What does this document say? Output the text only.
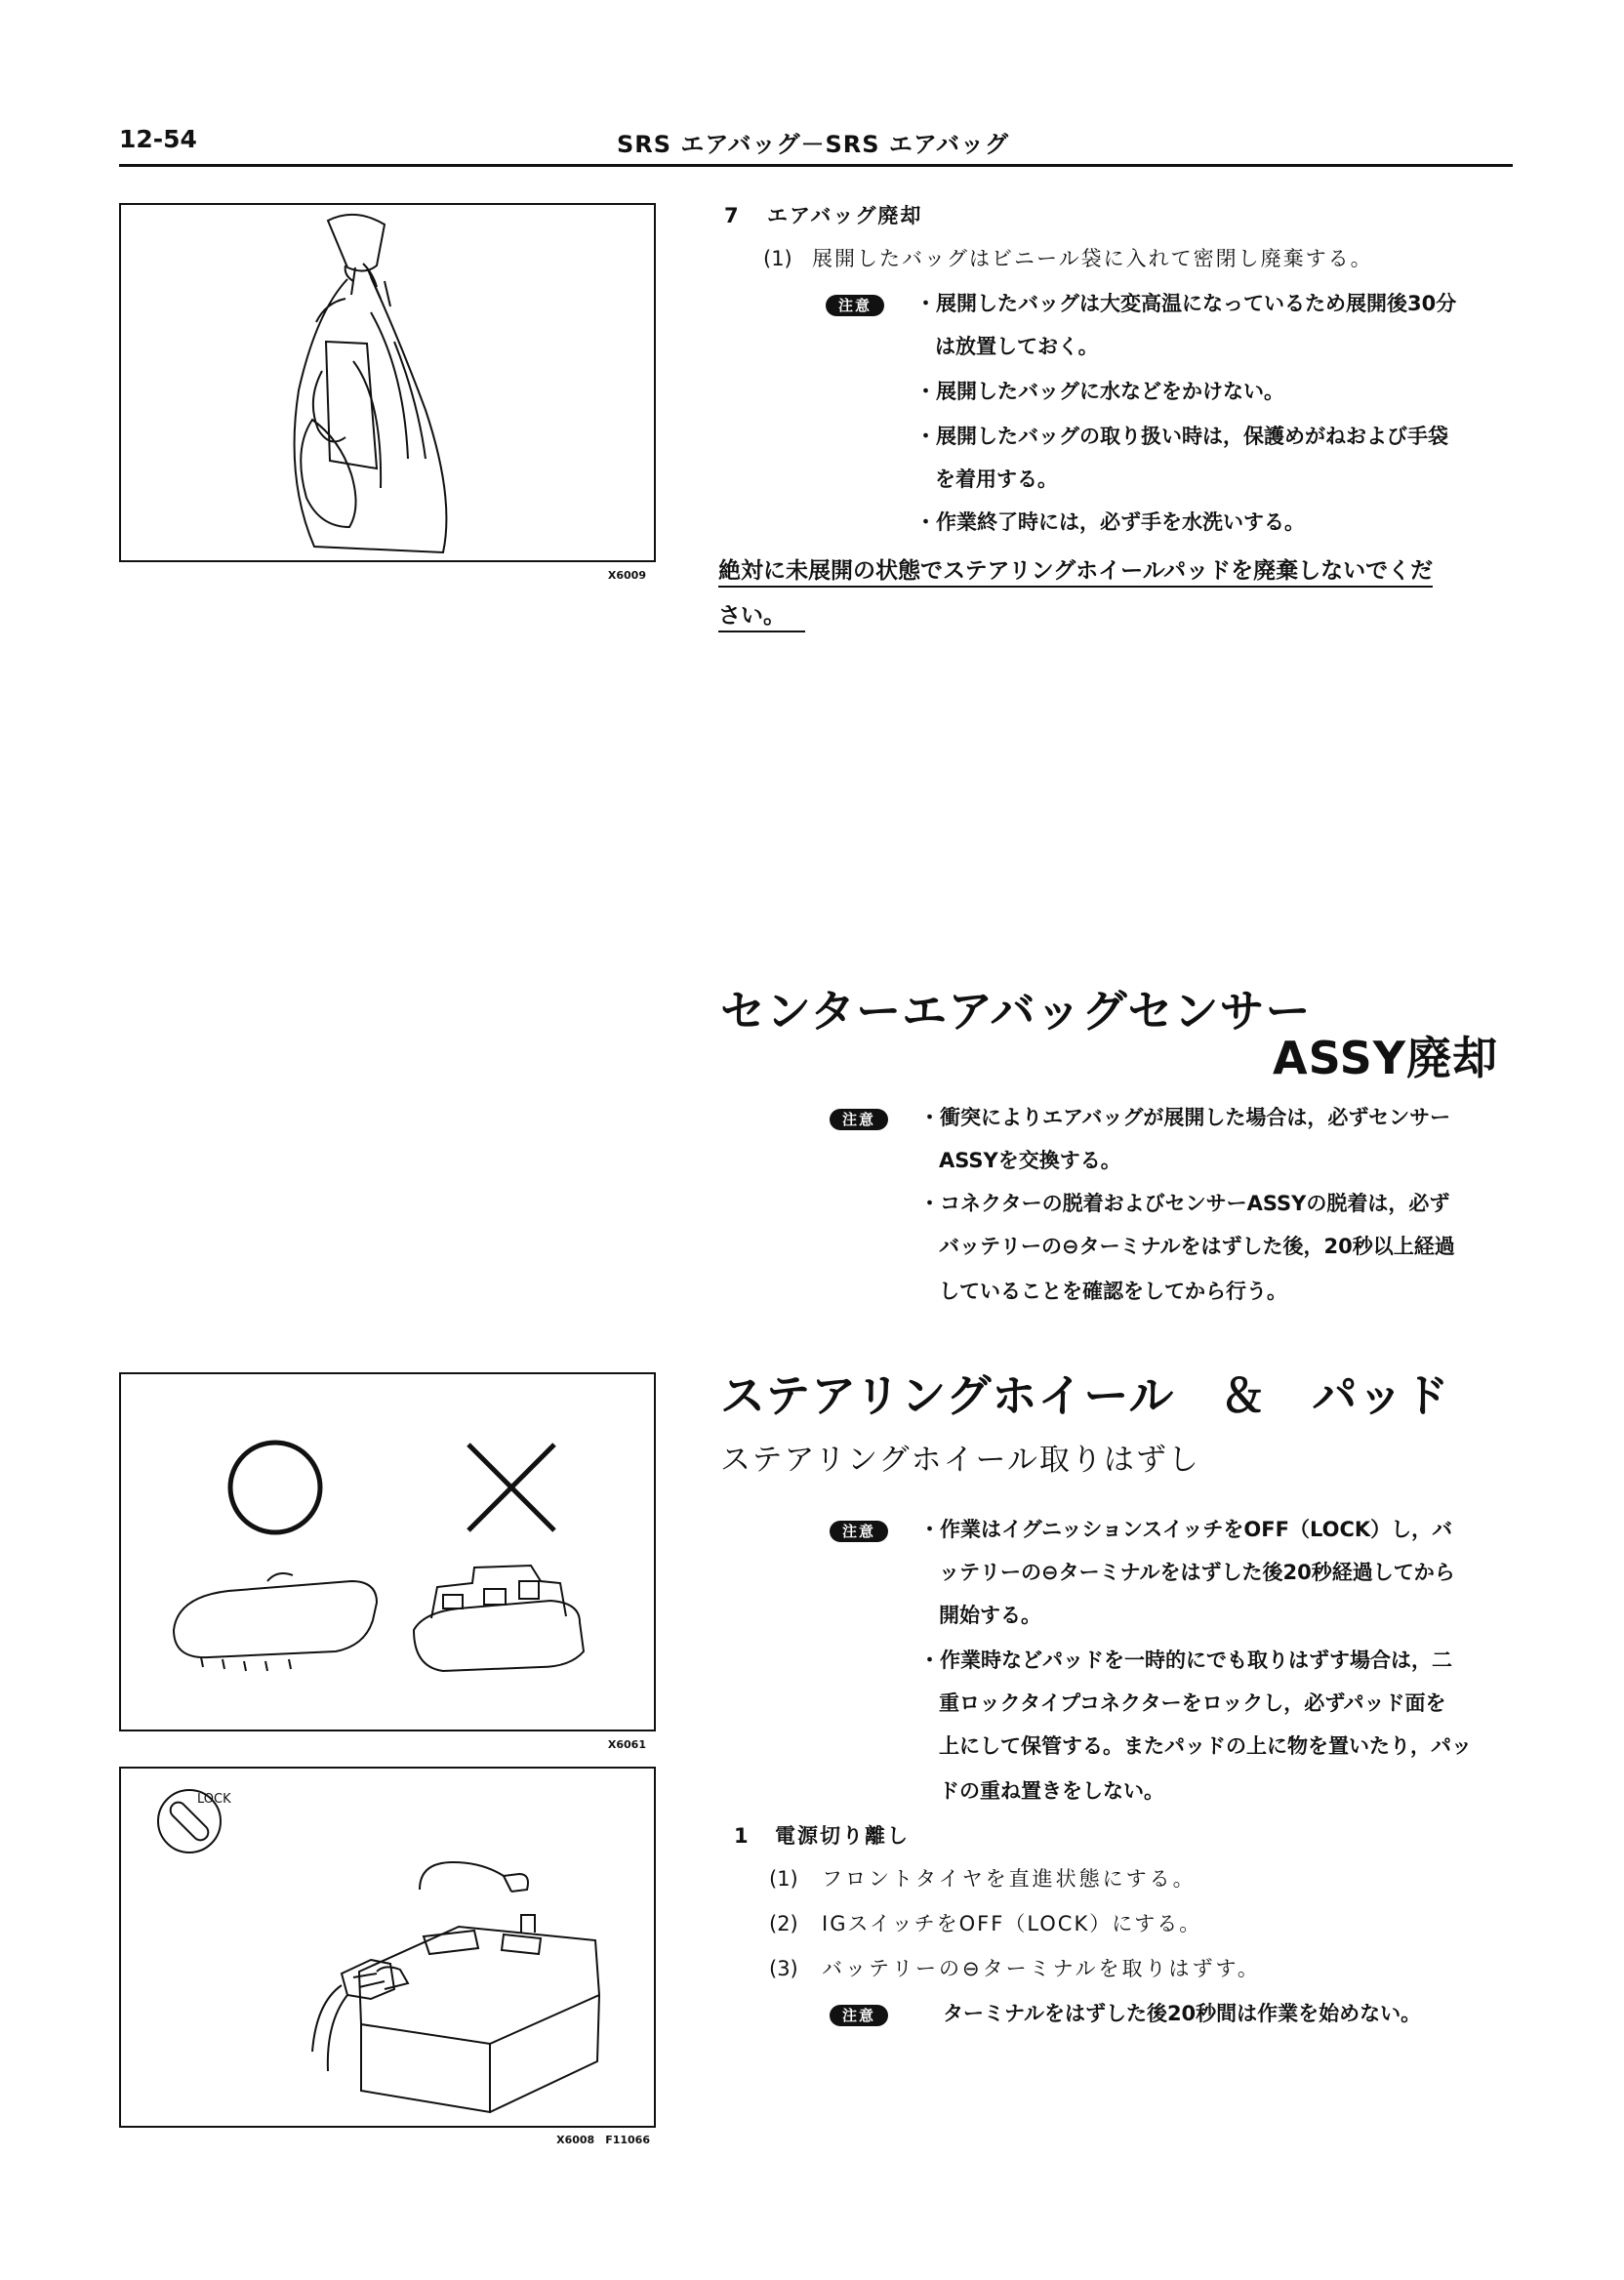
12-54	SRS エアバッグ－SRS エアバッグ
X6009
7 エアバッグ廃却
(1) 展開したバッグはビニール袋に入れて密閉し廃棄する。
注意	・展開したバッグは大変高温になっているため展開後30分
は放置しておく。
・展開したバッグに水などをかけない。
・展開したバッグの取り扱い時は，保護めがねおよび手袋
を着用する。
・作業終了時には，必ず手を水洗いする。
絶対に未展開の状態でステアリングホイールパッドを廃棄しないでくだ
さい。
センターエアバッグセンサー
ASSY廃却
注意	・衝突によりエアバッグが展開した場合は，必ずセンサー
ASSYを交換する。
・コネクターの脱着およびセンサーASSYの脱着は，必ず
バッテリーの⊖ターミナルをはずした後，20秒以上経過
していることを確認をしてから行う。
X6061
ステアリングホイール　＆　パッド
ステアリングホイール取りはずし
注意	・作業はイグニッションスイッチをOFF（LOCK）し，バ
ッテリーの⊖ターミナルをはずした後20秒経過してから
開始する。
・作業時などパッドを一時的にでも取りはずす場合は，二
重ロックタイプコネクターをロックし，必ずパッド面を
上にして保管する。またパッドの上に物を置いたり，パッ
ドの重ね置きをしない。
LOCK
X6008　F11066
1 電源切り離し
(1) フロントタイヤを直進状態にする。
(2) IGスイッチをOFF（LOCK）にする。
(3) バッテリーの⊖ターミナルを取りはずす。
注意	ターミナルをはずした後20秒間は作業を始めない。
